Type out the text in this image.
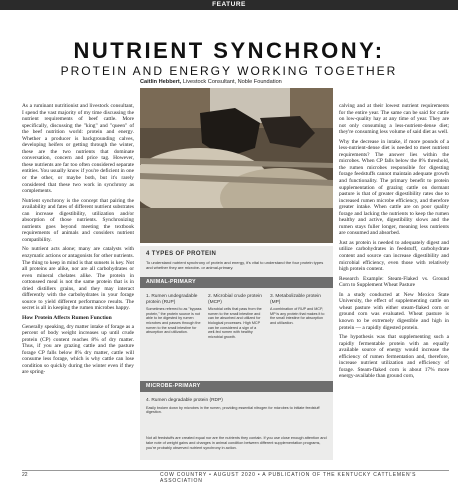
FEATURE
NUTRIENT SYNCHRONY:
PROTEIN AND ENERGY WORKING TOGETHER
Caitlin Hebbert, Livestock Consultant, Noble Foundation

As a ruminant nutritionist and livestock consultant, I spend the vast majority of my time discussing the nutrient requirements of beef cattle. More specifically, discussing the "king" and "queen" of the beef nutrition world: protein and energy. Whether a producer is backgrounding calves, developing heifers or getting through the winter, these are the two nutrients that dominate conversation, concern and price tag. However, these nutrients are far too often considered separate entities. You usually know if you're deficient in one or the other, or maybe both, but it's rarely considered that these two work in synchrony as complements.

Nutrient synchrony is the concept that pairing the availability and fates of different nutrient substrates can increase digestibility, utilization and/or absorption of those nutrients. Synchronizing nutrients goes beyond meeting the textbook requirements of animals and considers nutrient compatibility.

No nutrient acts alone; many are catalysts with enzymatic actions or antagonists for other nutrients. The thing to keep in mind is that sunsets is key. Not all proteins are alike, nor are all carbohydrates or even mineral chelates alike. The protein in cottonseed meal is not the same protein that is in dried distillers grains, and they may interact differently with the carbohydrates in your forage source to yield different performance results. The secret is all in keeping the rumen microbes happy.

How Protein Affects Rumen Function

Generally speaking, dry matter intake of forage as a percent of body weight increases up until crude protein (CP) content reaches 8% of dry matter. Thus, if you are grazing cattle and the pasture forage CP falls below 8% dry matter, cattle will consume less forage, which is why cattle can lose condition so quickly during the winter even if they are spring-

4 TYPES OF PROTEIN
To understand nutrient synchrony of protein and energy, it's vital to understand the four protein types and whether they are microbe- or animal-primary.
ANIMAL-PRIMARY
1. Rumen undegradable protein (RUP)
Sometimes referred to as "bypass protein," the protein source is not able to be digested by rumen microbes and passes through the rumen to the small intestine for absorption and utilization.
2. Microbial crude protein (MCP)
Microbial cells that pass from the rumen to the small intestine and can be absorbed and utilized for biological processes. High MCP can be considered a sign of a well-fed rumen with healthy microbial growth.
3. Metabolizable protein (MP)
A combination of RUP and MCP, MP is any protein that makes it to the small intestine for absorption and utilization.
MICROBE-PRIMARY
4. Rumen degradable protein (RDP)
Easily broken down by microbes in the rumen, providing essential nitrogen for microbes to initiate feedstuff digestion.
Not all feedstuffs are created equal nor are the nutrients they contain. If you use close enough attention and take note of weight gains and changes in animal condition between different supplementation programs, you're probably observed nutrient synchrony in action.

calving and at their lowest nutrient requirements for the entire year. The same can be said for cattle on low-quality hay at any time of year. They are not only consuming a less-nutrient-dense diet; they're consuming less volume of said diet as well.

Why the decrease in intake, if more pounds of a less-nutrient-dense diet is needed to meet nutrient requirements? The answer lies within the microbes. When CP falls below the 8% threshold, the rumen microbes responsible for digesting forage feedstuffs cannot maintain adequate growth and functionality. The primary benefit to protein supplementation of grazing cattle on dormant pasture is that of greater digestibility rates due to increased rumen microbe efficiency, and therefore greater intake. When cattle are on poor quality forage and lacking the nutrients to keep the rumen healthy and active, digestibility slows and the rumen stays fuller longer, meaning less nutrients are consumed and absorbed.

Just as protein is needed to adequately digest and utilize carbohydrates in feedstuff, carbohydrate content and source can increase digestibility and microbial efficiency, even those with relatively high protein content.

Research Example: Steam-Flaked vs. Ground Corn to Supplement Wheat Pasture

In a study conducted at New Mexico State University, the effect of supplementing cattle on wheat pasture with either steam-flaked corn or ground corn was evaluated. Wheat pasture is known to be extremely digestible and high in protein — a rapidly digested protein.

The hypothesis was that supplementing such a rapidly fermentable protein with an equally available source of energy would increase the efficiency of rumen fermentation and, therefore, increase nutrient utilization and efficiency of forage. Steam-flaked corn is about 17% more energy-available than ground corn,

22	COW COUNTRY • AUGUST 2020 • A PUBLICATION OF THE KENTUCKY CATTLEMEN'S ASSOCIATION
